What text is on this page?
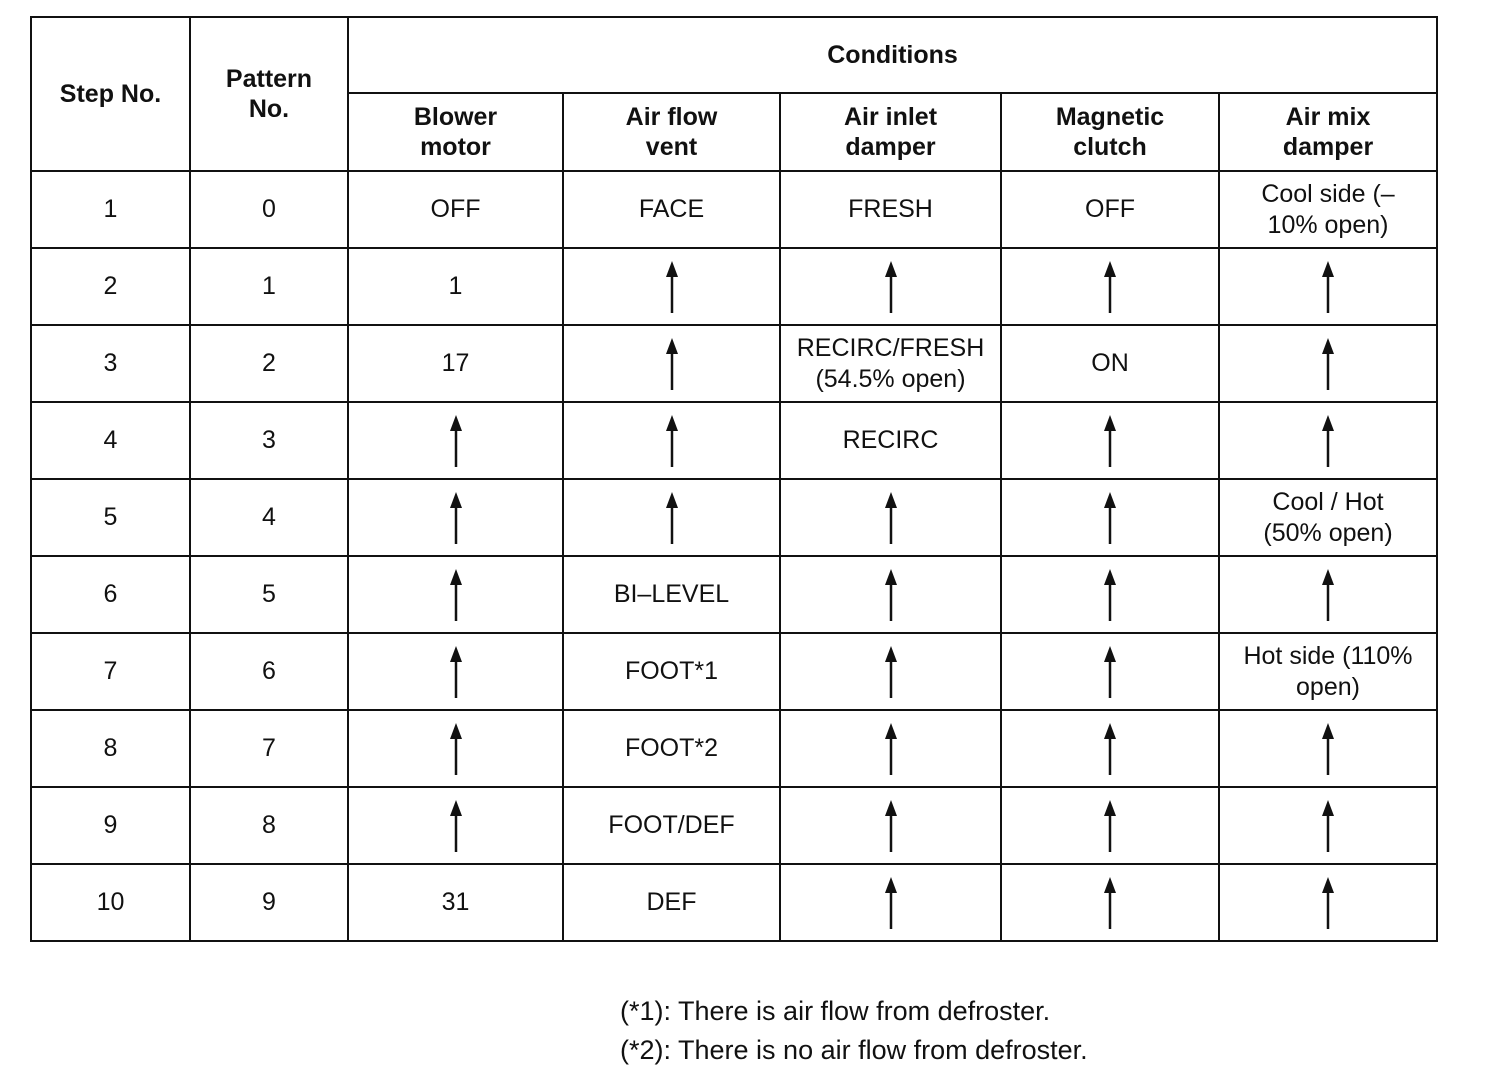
Step No.	Pattern No.	Conditions				
		Blower motor	Air flow vent	Air inlet damper	Magnetic clutch	Air mix damper
1	0	OFF	FACE	FRESH	OFF	Cool side (–10% open)
2	1	1	

3	2	17		RECIRC/FRESH (54.5% open)	ON	

4	3			RECIRC	

5	4					Cool / Hot (50% open)
6	5		BI–LEVEL	

7	6		FOOT*1			Hot side (110% open)
8	7		FOOT*2	

9	8		FOOT/DEF	

10	9	31	DEF	

(*1): There is air flow from defroster.
(*2): There is no air flow from defroster.
